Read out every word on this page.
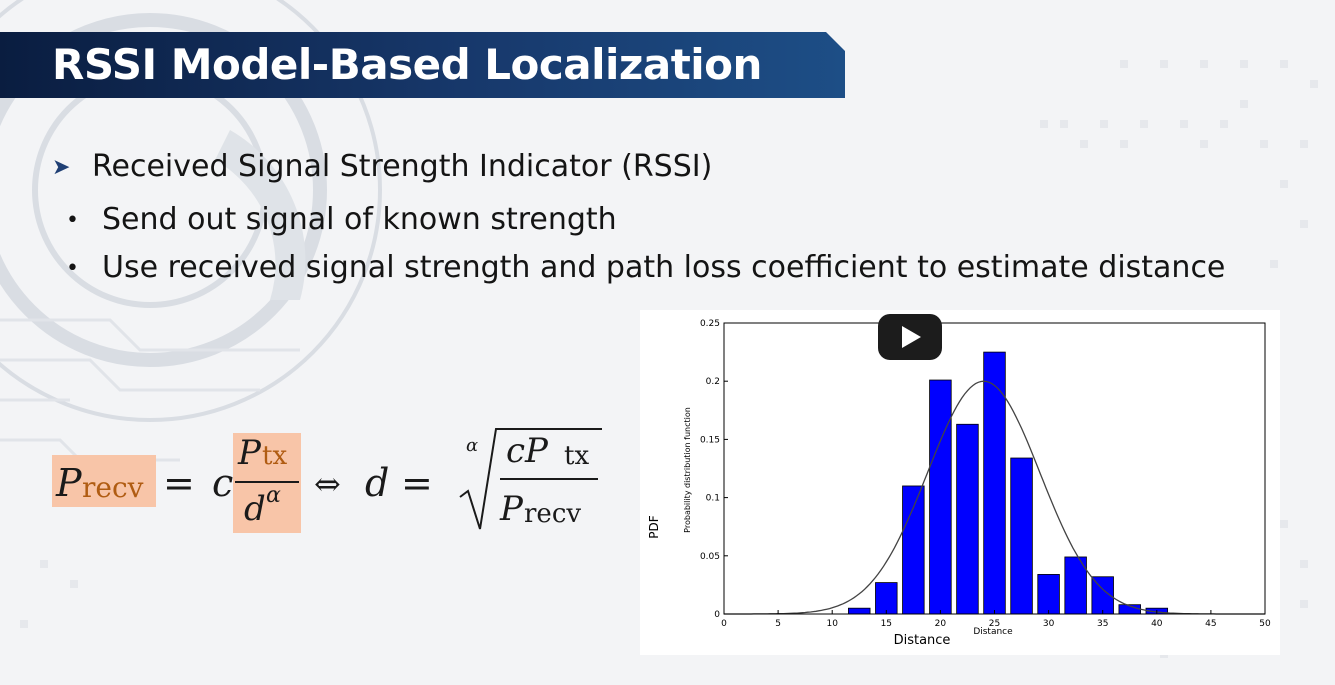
RSSI Model-Based Localization
➤ Received Signal Strength Indicator (RSSI)
• Send out signal of known strength
• Use received signal strength and path loss coefficient to estimate distance
P recv = c
P tx
d α ⇔ d =
α cP tx
P recv
0	5	10	15	20	25	30	35	40	45	50
0
0.05
0.1
0.15
0.2
0.25
Distance
Distance
PDF	Probability distribution function
